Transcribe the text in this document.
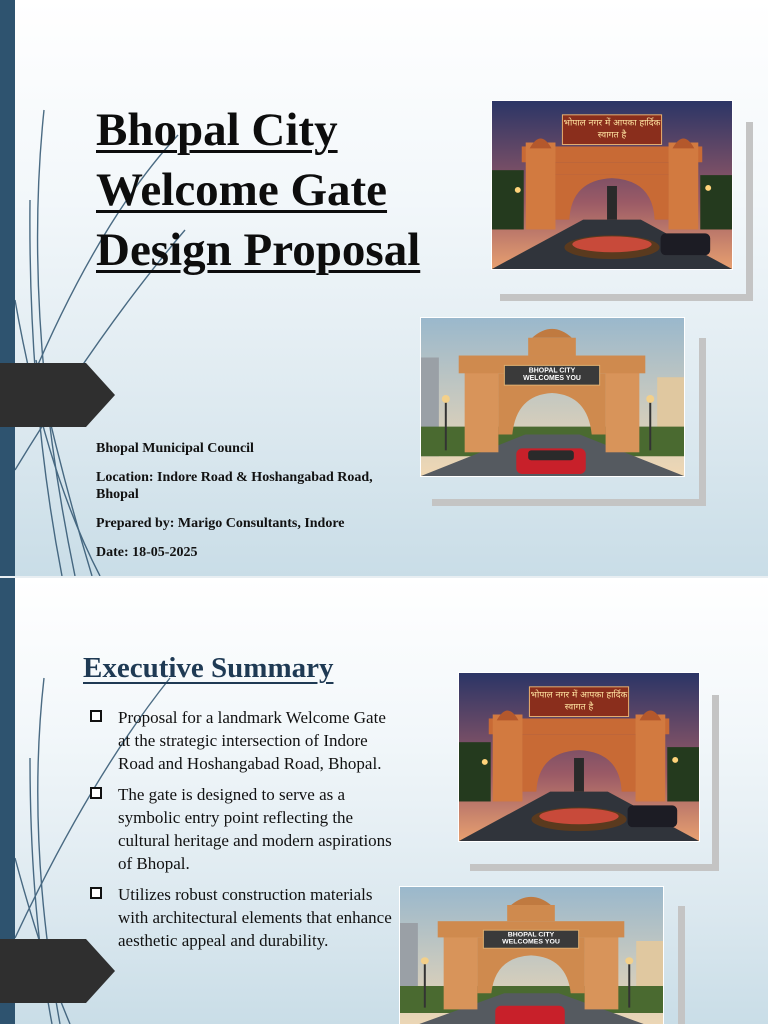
Bhopal City Welcome Gate Design Proposal

Bhopal Municipal Council

Location: Indore Road & Hoshangabad Road, Bhopal

Prepared by: Marigo Consultants, Indore

Date: 18-05-2025

भोपाल नगर में आपका हार्दिक स्वागत है
BHOPAL CITY
WELCOMES YOU
Executive Summary
Proposal for a landmark Welcome Gate at the strategic intersection of Indore Road and Hoshangabad Road, Bhopal.
The gate is designed to serve as a symbolic entry point reflecting the cultural heritage and modern aspirations of Bhopal.
Utilizes robust construction materials with architectural elements that enhance aesthetic appeal and durability.
भोपाल नगर में आपका हार्दिक स्वागत है
BHOPAL CITY
WELCOMES YOU
